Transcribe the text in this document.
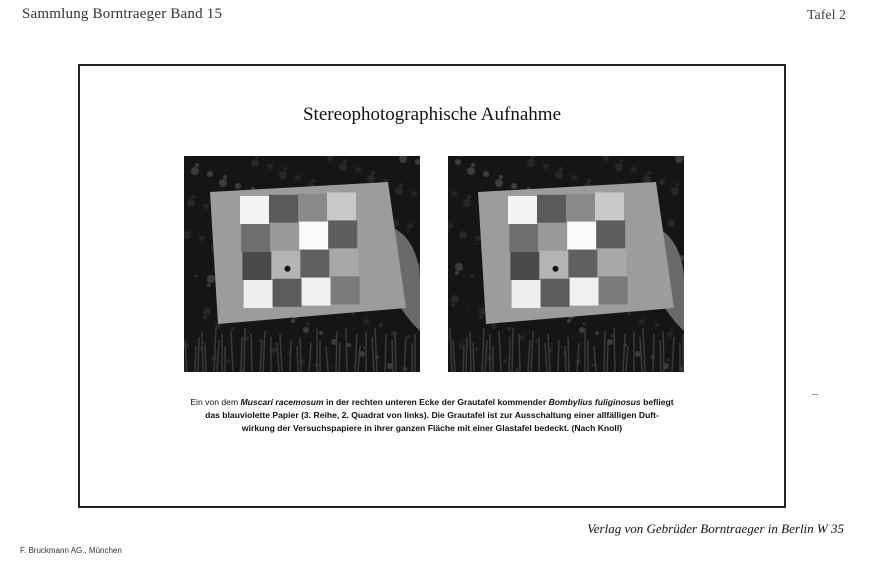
Sammlung Borntraeger Band 15	Tafel 2
Stereophotographische Aufnahme

Ein von dem Muscari racemosum in der rechten unteren Ecke der Grautafel kommender Bombylius fuliginosus befliegt

das blauviolette Papier (3. Reihe, 2. Quadrat von links). Die Grautafel ist zur Ausschaltung einer allfälligen Duft-

wirkung der Versuchspapiere in ihrer ganzen Fläche mit einer Glastafel bedeckt. (Nach Knoll)

Verlag von Gebrüder Borntraeger in Berlin W 35
F. Bruckmann AG., München
